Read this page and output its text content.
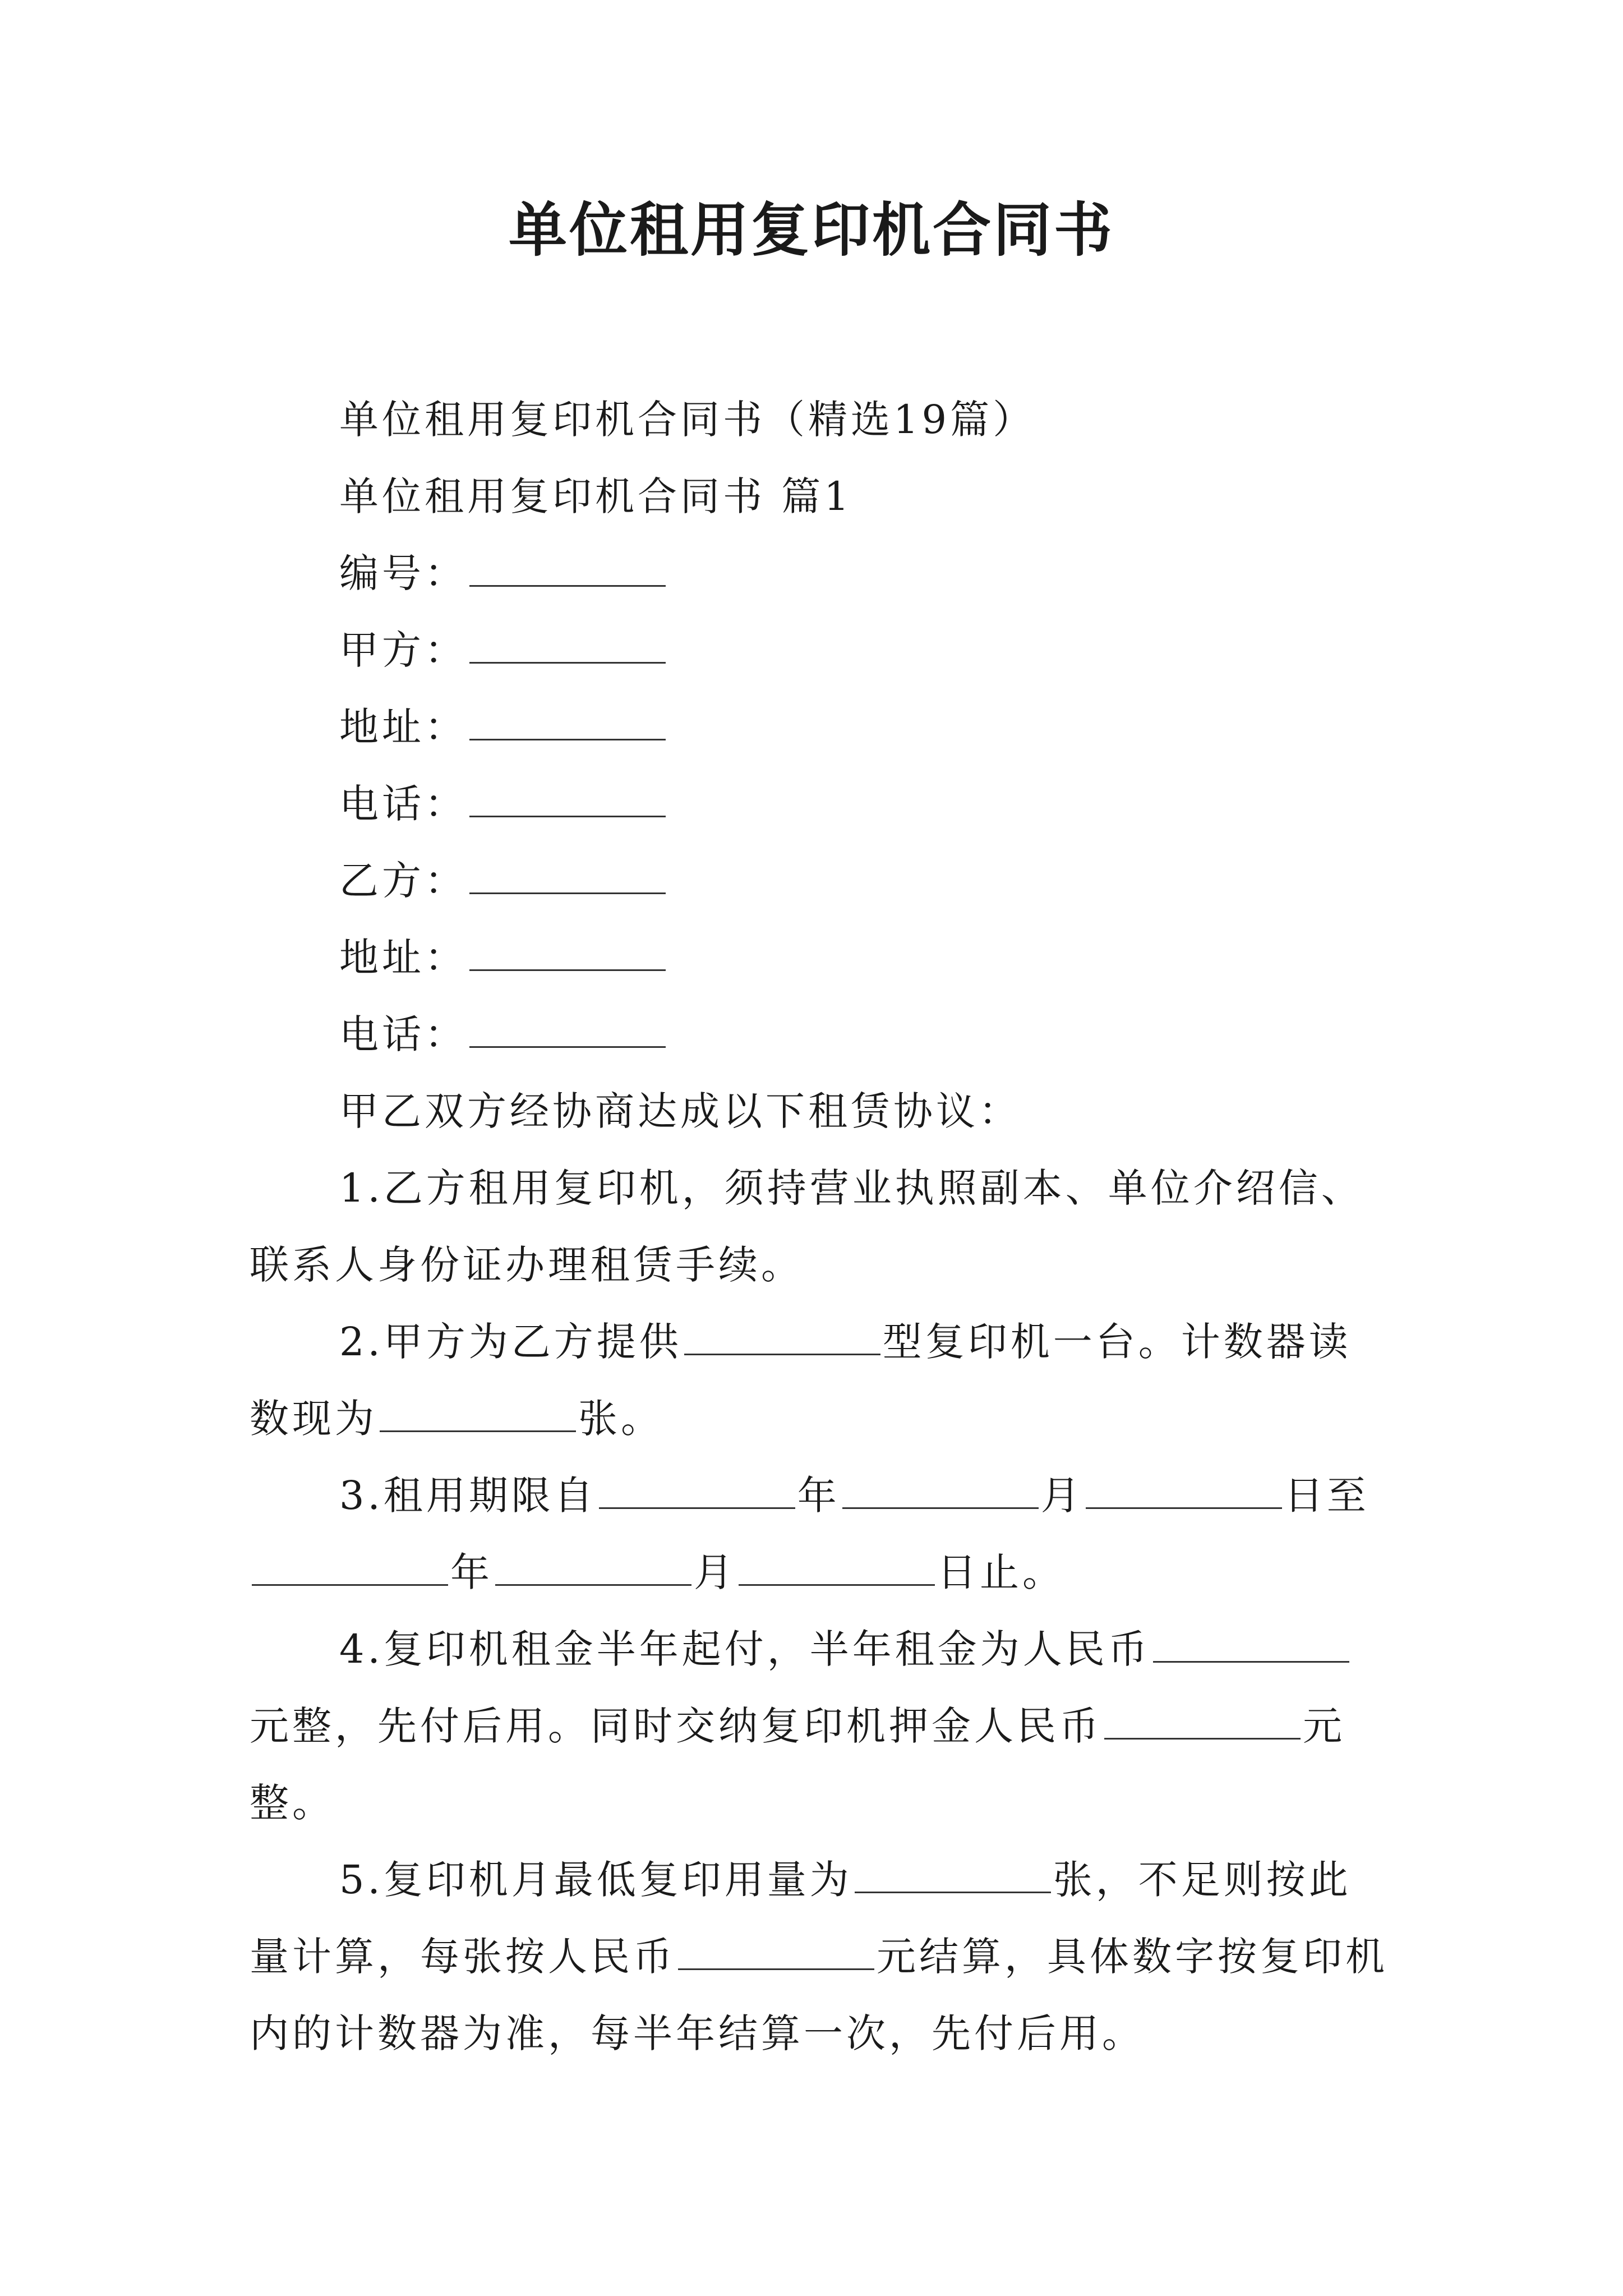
单位租用复印机合同书

单位租用复印机合同书（精选19篇）

单位租用复印机合同书 篇1

编号：

甲方：

地址：

电话：

乙方：

地址：

电话：

甲乙双方经协商达成以下租赁协议：

1.乙方租用复印机，须持营业执照副本、单位介绍信、联系人身份证办理租赁手续。

2.甲方为乙方提供	型复印机一台。计数器读数现为	张。

3.租用期限自	年	月	日至年	月	日止。

4.复印机租金半年起付，半年租金为人民币元整，先付后用。同时交纳复印机押金人民币	元整。

5.复印机月最低复印用量为	张，不足则按此量计算，每张按人民币	元结算，具体数字按复印机内的计数器为准，每半年结算一次，先付后用。
